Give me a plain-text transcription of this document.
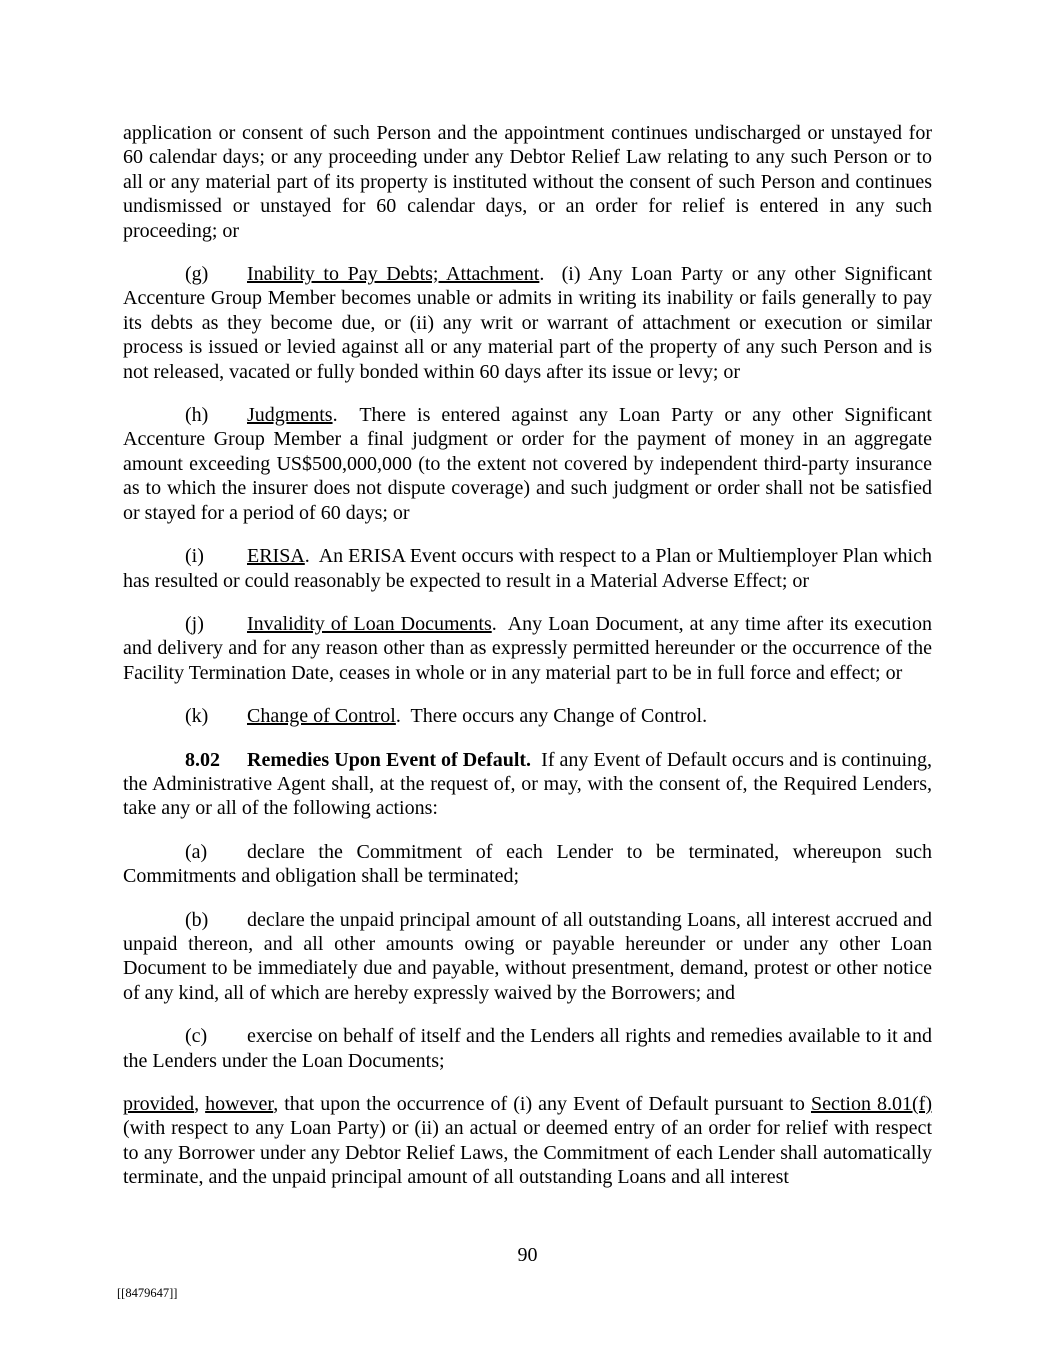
application or consent of such Person and the appointment continues undischarged or unstayed for 60 calendar days; or any proceeding under any Debtor Relief Law relating to any such Person or to all or any material part of its property is instituted without the consent of such Person and continues undismissed or unstayed for 60 calendar days, or an order for relief is entered in any such proceeding; or

(g) Inability to Pay Debts; Attachment.  (i) Any Loan Party or any other Significant Accenture Group Member becomes unable or admits in writing its inability or fails generally to pay its debts as they become due, or (ii) any writ or warrant of attachment or execution or similar process is issued or levied against all or any material part of the property of any such Person and is not released, vacated or fully bonded within 60 days after its issue or levy; or

(h) Judgments.  There is entered against any Loan Party or any other Significant Accenture Group Member a final judgment or order for the payment of money in an aggregate amount exceeding US$500,000,000 (to the extent not covered by independent third-party insurance as to which the insurer does not dispute coverage) and such judgment or order shall not be satisfied or stayed for a period of 60 days; or

(i) ERISA.  An ERISA Event occurs with respect to a Plan or Multiemployer Plan which has resulted or could reasonably be expected to result in a Material Adverse Effect; or

(j) Invalidity of Loan Documents.  Any Loan Document, at any time after its execution and delivery and for any reason other than as expressly permitted hereunder or the occurrence of the Facility Termination Date, ceases in whole or in any material part to be in full force and effect; or

(k) Change of Control.  There occurs any Change of Control.

8.02 Remedies Upon Event of Default. If any Event of Default occurs and is continuing, the Administrative Agent shall, at the request of, or may, with the consent of, the Required Lenders, take any or all of the following actions:

(a) declare the Commitment of each Lender to be terminated, whereupon such Commitments and obligation shall be terminated;

(b) declare the unpaid principal amount of all outstanding Loans, all interest accrued and unpaid thereon, and all other amounts owing or payable hereunder or under any other Loan Document to be immediately due and payable, without presentment, demand, protest or other notice of any kind, all of which are hereby expressly waived by the Borrowers; and

(c) exercise on behalf of itself and the Lenders all rights and remedies available to it and the Lenders under the Loan Documents;

provided, however, that upon the occurrence of (i) any Event of Default pursuant to Section 8.01(f) (with respect to any Loan Party) or (ii) an actual or deemed entry of an order for relief with respect to any Borrower under any Debtor Relief Laws, the Commitment of each Lender shall automatically terminate, and the unpaid principal amount of all outstanding Loans and all interest

90
[[8479647]]
